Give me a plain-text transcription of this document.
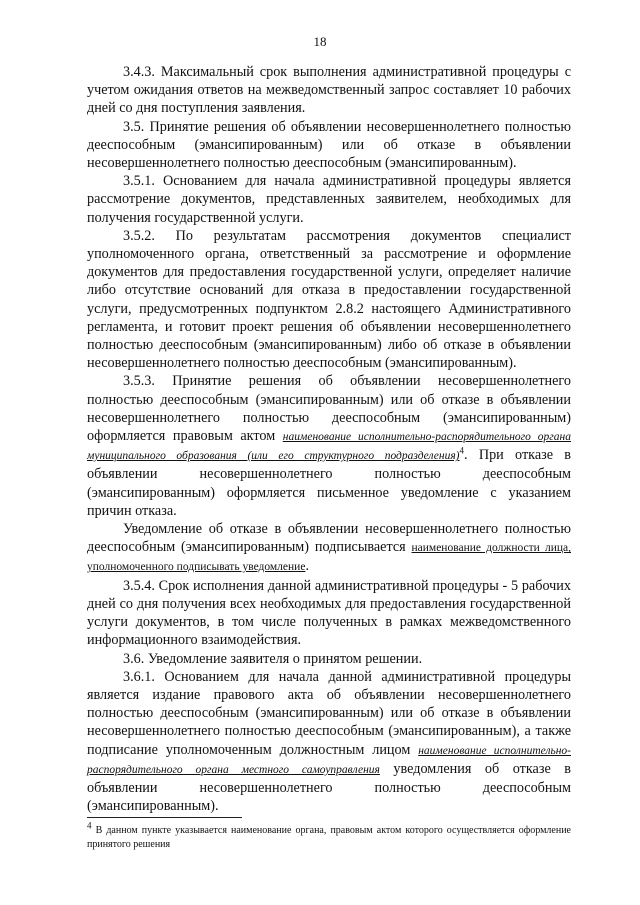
18

3.4.3. Максимальный срок выполнения административной процедуры с учетом ожидания ответов на межведомственный запрос составляет 10 рабочих дней со дня поступления заявления.

3.5. Принятие решения об объявлении несовершеннолетнего полностью дееспособным (эмансипированным) или об отказе в объявлении несовершеннолетнего полностью дееспособным (эмансипированным).

3.5.1. Основанием для начала административной процедуры является рассмотрение документов, представленных заявителем, необходимых для получения государственной услуги.

3.5.2. По результатам рассмотрения документов специалист уполномоченного органа, ответственный за рассмотрение и оформление документов для предоставления государственной услуги, определяет наличие либо отсутствие оснований для отказа в предоставлении государственной услуги, предусмотренных подпунктом 2.8.2 настоящего Административного регламента, и готовит проект решения об объявлении несовершеннолетнего полностью дееспособным (эмансипированным) либо об отказе в объявлении несовершеннолетнего полностью дееспособным (эмансипированным).

3.5.3. Принятие решения об объявлении несовершеннолетнего полностью дееспособным (эмансипированным) или об отказе в объявлении несовершеннолетнего полностью дееспособным (эмансипированным) оформляется правовым актом наименование исполнительно-распорядительного органа муниципального образования (или его структурного подразделения)$^4$. При отказе в объявлении несовершеннолетнего полностью дееспособным (эмансипированным) оформляется письменное уведомление с указанием причин отказа.

Уведомление об отказе в объявлении несовершеннолетнего полностью дееспособным (эмансипированным) подписывается наименование должности лица, уполномоченного подписывать уведомление.

3.5.4. Срок исполнения данной административной процедуры - 5 рабочих дней со дня получения всех необходимых для предоставления государственной услуги документов, в том числе полученных в рамках межведомственного информационного взаимодействия.

3.6. Уведомление заявителя о принятом решении.

3.6.1. Основанием для начала данной административной процедуры является издание правового акта об объявлении несовершеннолетнего полностью дееспособным (эмансипированным) или об отказе в объявлении несовершеннолетнего полностью дееспособным (эмансипированным), а также подписание уполномоченным должностным лицом наименование исполнительно-распорядительного органа местного самоуправления уведомления об отказе в объявлении несовершеннолетнего полностью дееспособным (эмансипированным).

$^4$ В данном пункте указывается наименование органа, правовым актом которого осуществляется оформление принятого решения
